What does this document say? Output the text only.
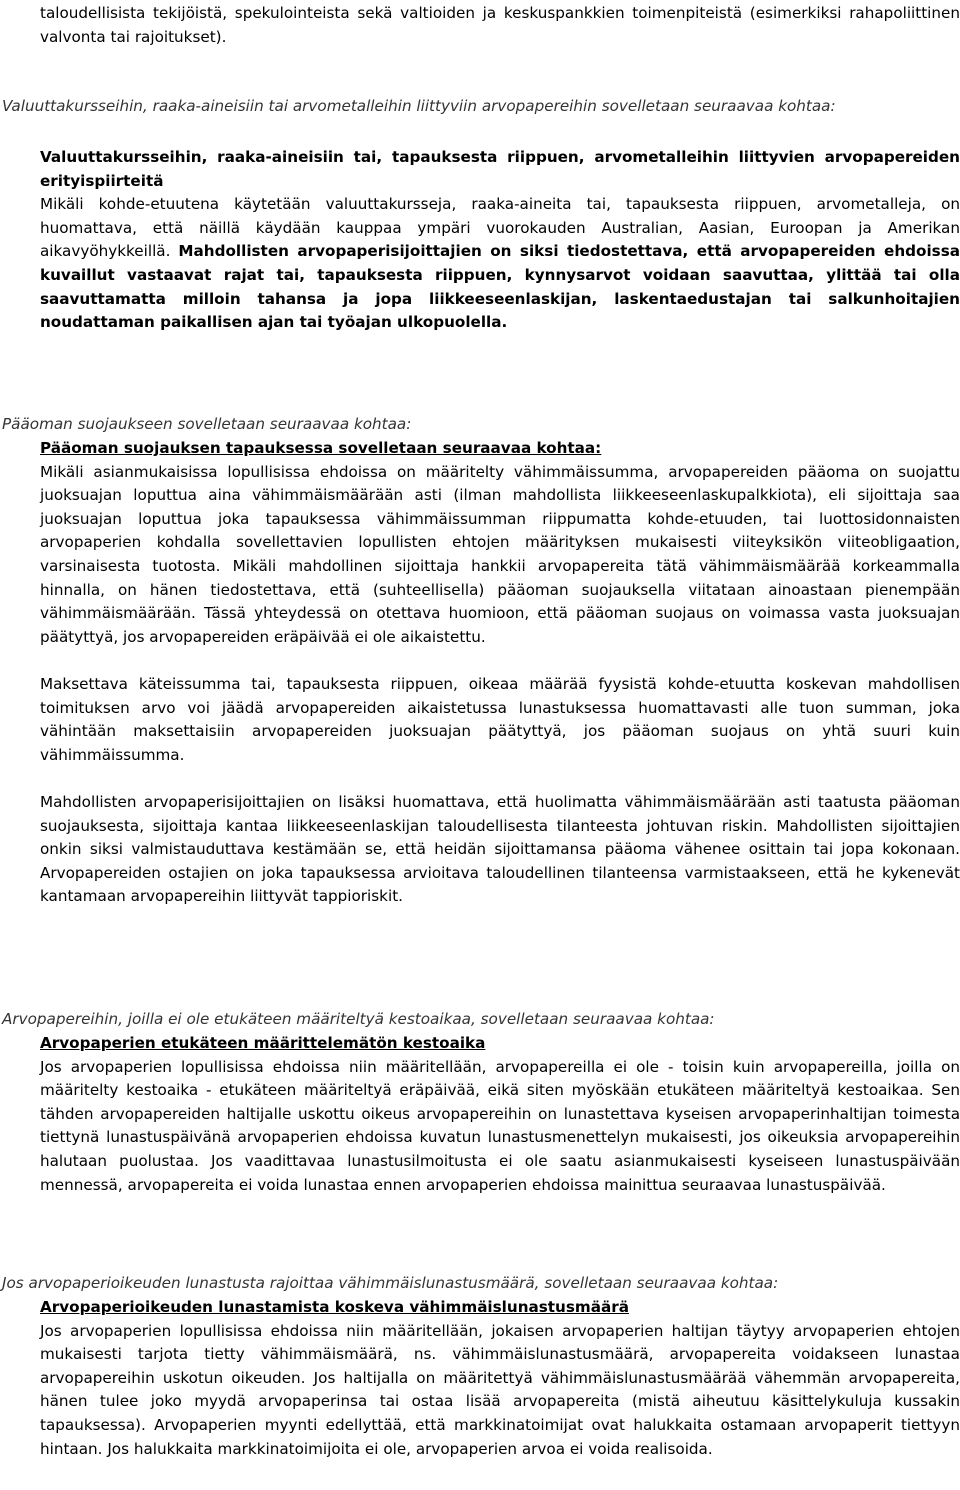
taloudellisista tekijöistä, spekulointeista sekä valtioiden ja keskuspankkien toimenpiteistä (esimerkiksi rahapoliittinen valvonta tai rajoitukset).

Valuuttakursseihin, raaka-aineisiin tai arvometalleihin liittyviin arvopapereihin sovelletaan seuraavaa kohtaa:

Valuuttakursseihin, raaka-aineisiin tai, tapauksesta riippuen, arvometalleihin liittyvien arvopapereiden erityispiirteitä

Mikäli kohde-etuutena käytetään valuuttakursseja, raaka-aineita tai, tapauksesta riippuen, arvometalleja, on huomattava, että näillä käydään kauppaa ympäri vuorokauden Australian, Aasian, Euroopan ja Amerikan aikavyöhykkeillä. Mahdollisten arvopaperisijoittajien on siksi tiedostettava, että arvopapereiden ehdoissa kuvaillut vastaavat rajat tai, tapauksesta riippuen, kynnysarvot voidaan saavuttaa, ylittää tai olla saavuttamatta milloin tahansa ja jopa liikkeeseenlaskijan, laskentaedustajan tai salkunhoitajien noudattaman paikallisen ajan tai työajan ulkopuolella.

Pääoman suojaukseen sovelletaan seuraavaa kohtaa:

Pääoman suojauksen tapauksessa sovelletaan seuraavaa kohtaa:

Mikäli asianmukaisissa lopullisissa ehdoissa on määritelty vähimmäissumma, arvopapereiden pääoma on suojattu juoksuajan loputtua aina vähimmäismäärään asti (ilman mahdollista liikkeeseenlaskupalkkiota), eli sijoittaja saa juoksuajan loputtua joka tapauksessa vähimmäissumman riippumatta kohde-etuuden, tai luottosidonnaisten arvopaperien kohdalla sovellettavien lopullisten ehtojen määrityksen mukaisesti viiteyksikön viiteobligaation, varsinaisesta tuotosta. Mikäli mahdollinen sijoittaja hankkii arvopapereita tätä vähimmäismäärää korkeammalla hinnalla, on hänen tiedostettava, että (suhteellisella) pääoman suojauksella viitataan ainoastaan pienempään vähimmäismäärään. Tässä yhteydessä on otettava huomioon, että pääoman suojaus on voimassa vasta juoksuajan päätyttyä, jos arvopapereiden eräpäivää ei ole aikaistettu.

Maksettava käteissumma tai, tapauksesta riippuen, oikeaa määrää fyysistä kohde-etuutta koskevan mahdollisen toimituksen arvo voi jäädä arvopapereiden aikaistetussa lunastuksessa huomattavasti alle tuon summan, joka vähintään maksettaisiin arvopapereiden juoksuajan päätyttyä, jos pääoman suojaus on yhtä suuri kuin vähimmäissumma.

Mahdollisten arvopaperisijoittajien on lisäksi huomattava, että huolimatta vähimmäismäärään asti taatusta pääoman suojauksesta, sijoittaja kantaa liikkeeseenlaskijan taloudellisesta tilanteesta johtuvan riskin. Mahdollisten sijoittajien onkin siksi valmistauduttava kestämään se, että heidän sijoittamansa pääoma vähenee osittain tai jopa kokonaan. Arvopapereiden ostajien on joka tapauksessa arvioitava taloudellinen tilanteensa varmistaakseen, että he kykenevät kantamaan arvopapereihin liittyvät tappioriskit.

Arvopapereihin, joilla ei ole etukäteen määriteltyä kestoaikaa, sovelletaan seuraavaa kohtaa:

Arvopaperien etukäteen määrittelemätön kestoaika

Jos arvopaperien lopullisissa ehdoissa niin määritellään, arvopapereilla ei ole - toisin kuin arvopapereilla, joilla on määritelty kestoaika - etukäteen määriteltyä eräpäivää, eikä siten myöskään etukäteen määriteltyä kestoaikaa. Sen tähden arvopapereiden haltijalle uskottu oikeus arvopapereihin on lunastettava kyseisen arvopaperinhaltijan toimesta tiettynä lunastuspäivänä arvopaperien ehdoissa kuvatun lunastusmenettelyn mukaisesti, jos oikeuksia arvopapereihin halutaan puolustaa. Jos vaadittavaa lunastusilmoitusta ei ole saatu asianmukaisesti kyseiseen lunastuspäivään mennessä, arvopapereita ei voida lunastaa ennen arvopaperien ehdoissa mainittua seuraavaa lunastuspäivää.

Jos arvopaperioikeuden lunastusta rajoittaa vähimmäislunastusmäärä, sovelletaan seuraavaa kohtaa:

Arvopaperioikeuden lunastamista koskeva vähimmäislunastusmäärä

Jos arvopaperien lopullisissa ehdoissa niin määritellään, jokaisen arvopaperien haltijan täytyy arvopaperien ehtojen mukaisesti tarjota tietty vähimmäismäärä, ns. vähimmäislunastusmäärä, arvopapereita voidakseen lunastaa arvopapereihin uskotun oikeuden. Jos haltijalla on määritettyä vähimmäislunastusmäärää vähemmän arvopapereita, hänen tulee joko myydä arvopaperinsa tai ostaa lisää arvopapereita (mistä aiheutuu käsittelykuluja kussakin tapauksessa). Arvopaperien myynti edellyttää, että markkinatoimijat ovat halukkaita ostamaan arvopaperit tiettyyn hintaan. Jos halukkaita markkinatoimijoita ei ole, arvopaperien arvoa ei voida realisoida.
